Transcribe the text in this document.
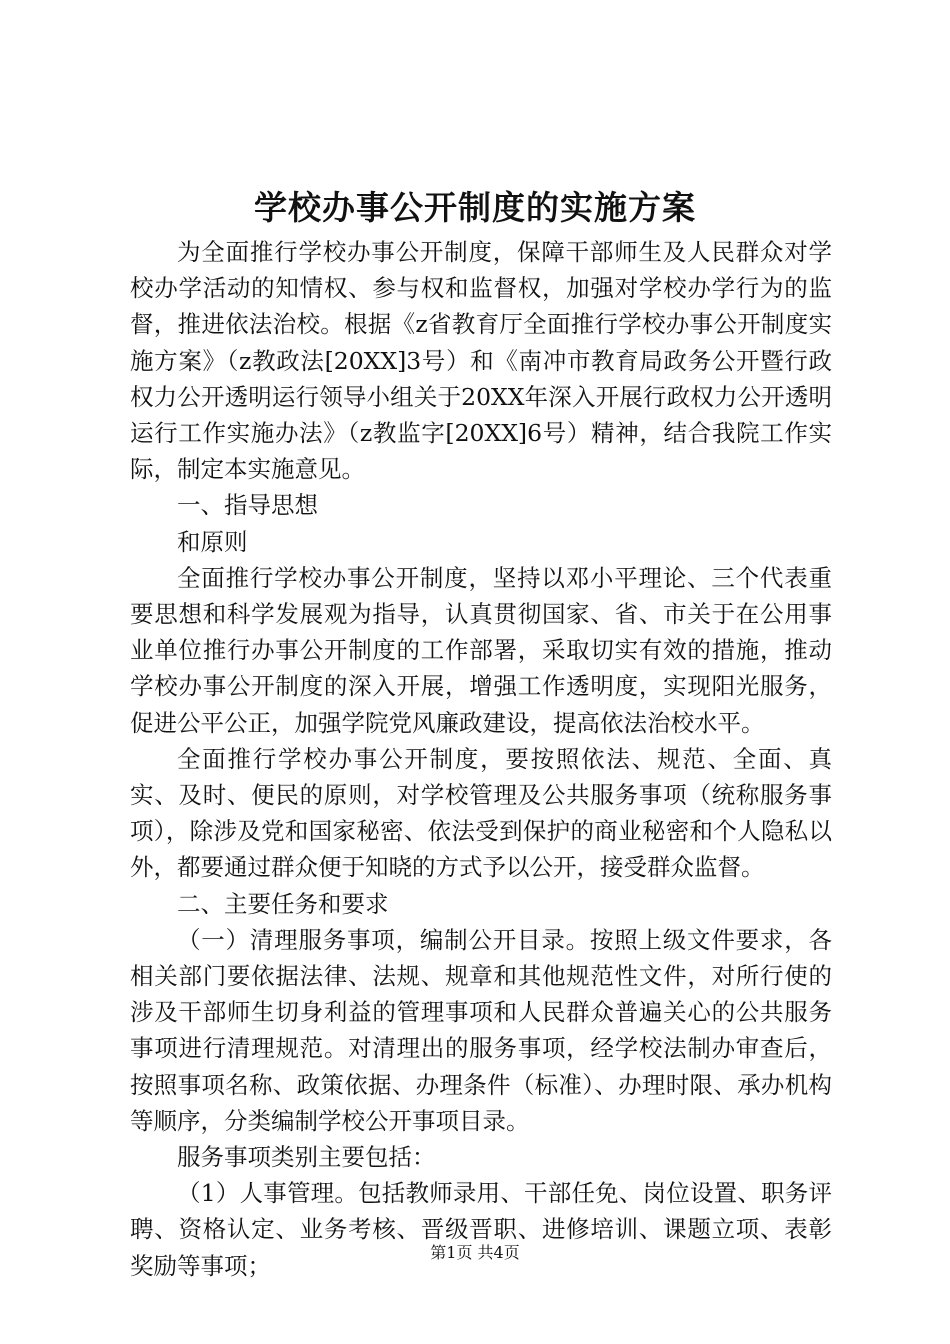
学校办事公开制度的实施方案

为全面推行学校办事公开制度，保障干部师生及人民群众对学校办学活动的知情权、参与权和监督权，加强对学校办学行为的监督，推进依法治校。根据《z省教育厅全面推行学校办事公开制度实施方案》（z教政法[20XX]3号）和《南冲市教育局政务公开暨行政权力公开透明运行领导小组关于20XX年深入开展行政权力公开透明运行工作实施办法》（z教监字[20XX]6号）精神，结合我院工作实际，制定本实施意见。

一、指导思想

和原则

全面推行学校办事公开制度，坚持以邓小平理论、三个代表重要思想和科学发展观为指导，认真贯彻国家、省、市关于在公用事业单位推行办事公开制度的工作部署，采取切实有效的措施，推动学校办事公开制度的深入开展，增强工作透明度，实现阳光服务，促进公平公正，加强学院党风廉政建设，提高依法治校水平。

全面推行学校办事公开制度，要按照依法、规范、全面、真实、及时、便民的原则，对学校管理及公共服务事项（统称服务事项），除涉及党和国家秘密、依法受到保护的商业秘密和个人隐私以外，都要通过群众便于知晓的方式予以公开，接受群众监督。

二、主要任务和要求

（一）清理服务事项，编制公开目录。按照上级文件要求，各相关部门要依据法律、法规、规章和其他规范性文件，对所行使的涉及干部师生切身利益的管理事项和人民群众普遍关心的公共服务事项进行清理规范。对清理出的服务事项，经学校法制办审查后，按照事项名称、政策依据、办理条件（标准）、办理时限、承办机构等顺序，分类编制学校公开事项目录。

服务事项类别主要包括：

（1）人事管理。包括教师录用、干部任免、岗位设置、职务评聘、资格认定、业务考核、晋级晋职、进修培训、课题立项、表彰奖励等事项；	第1页 共4页
